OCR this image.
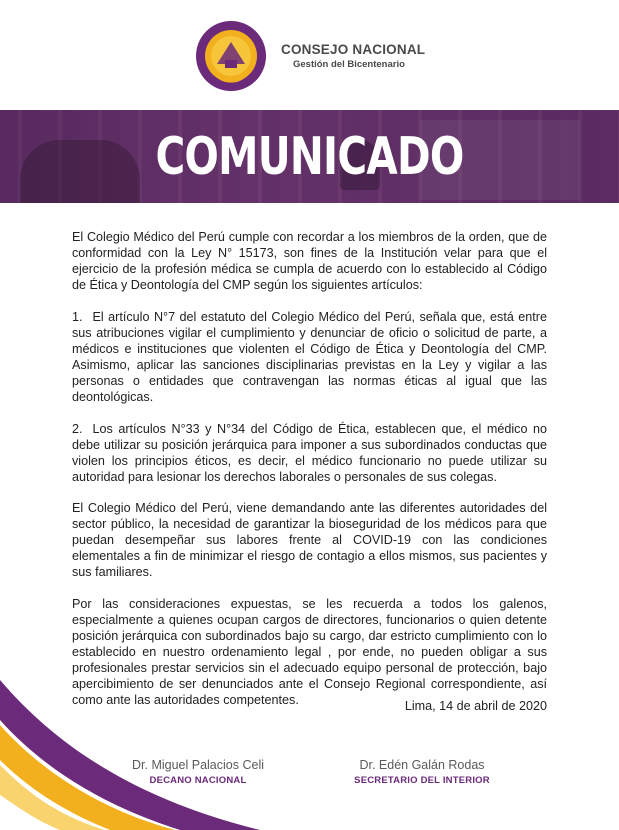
CONSEJO NACIONAL
Gestión del Bicentenario
COMUNICADO

El Colegio Médico del Perú cumple con recordar a los miembros de la orden, que de conformidad con la Ley N° 15173, son fines de la Institución velar para que el ejercicio de la profesión médica se cumpla de acuerdo con lo establecido al Código de Ética y Deontología del CMP según los siguientes artículos:

1. El artículo N°7 del estatuto del Colegio Médico del Perú, señala que, está entre sus atribuciones vigilar el cumplimiento y denunciar de oficio o solicitud de parte, a médicos e instituciones que violenten el Código de Ética y Deontología del CMP. Asimismo, aplicar las sanciones disciplinarias previstas en la Ley y vigilar a las personas o entidades que contravengan las normas éticas al igual que las deontológicas.

2. Los artículos N°33 y N°34 del Código de Ética, establecen que, el médico no debe utilizar su posición jerárquica para imponer a sus subordinados conductas que violen los principios éticos, es decir, el médico funcionario no puede utilizar su autoridad para lesionar los derechos laborales o personales de sus colegas.

El Colegio Médico del Perú, viene demandando ante las diferentes autoridades del sector público, la necesidad de garantizar la bioseguridad de los médicos para que puedan desempeñar sus labores frente al COVID-19 con las condiciones elementales a fin de minimizar el riesgo de contagio a ellos mismos, sus pacientes y sus familiares.

Por las consideraciones expuestas, se les recuerda a todos los galenos, especialmente a quienes ocupan cargos de directores, funcionarios o quien detente posición jerárquica con subordinados bajo su cargo, dar estricto cumplimiento con lo establecido en nuestro ordenamiento legal , por ende, no pueden obligar a sus profesionales prestar servicios sin el adecuado equipo personal de protección, bajo apercibimiento de ser denunciados ante el Consejo Regional correspondiente, así como ante las autoridades competentes.	Lima, 14 de abril de 2020
Dr. Miguel Palacios Celi
DECANO NACIONAL
Dr. Edén Galán Rodas
SECRETARIO DEL INTERIOR
